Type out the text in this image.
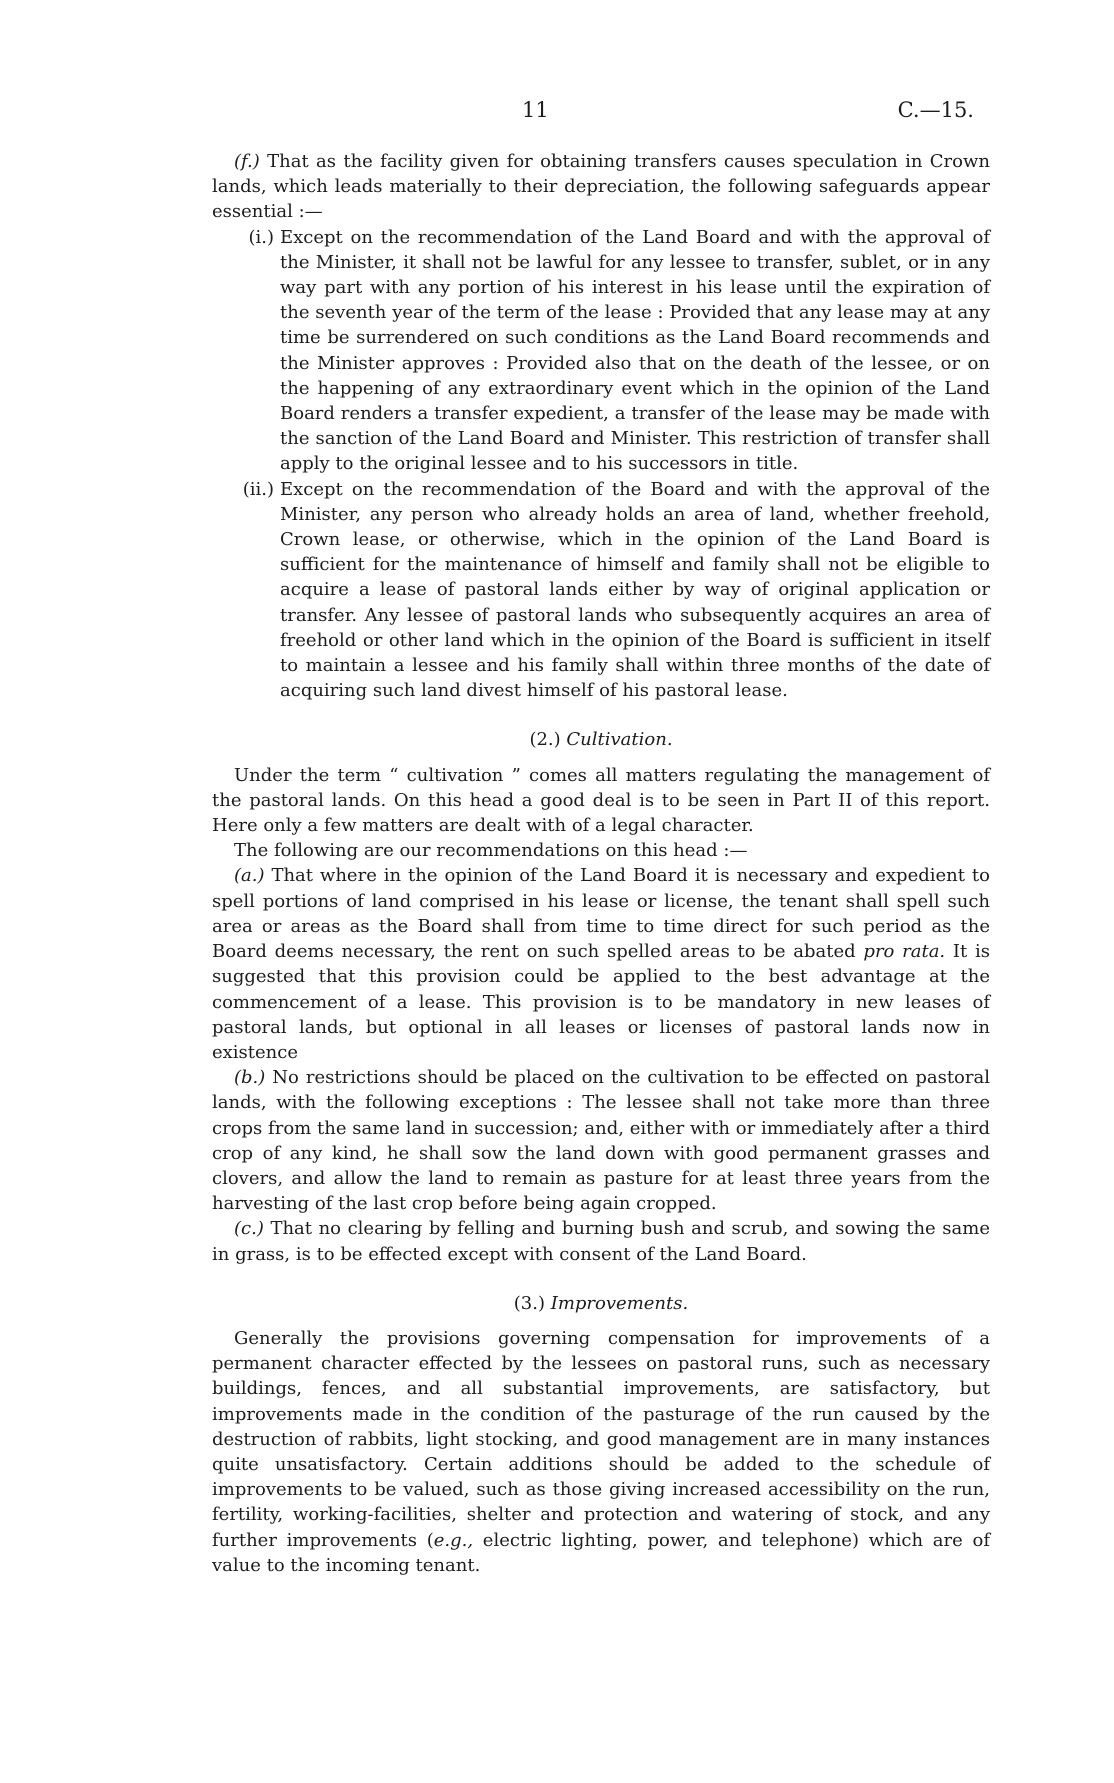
11	C.—15.

(f.) That as the facility given for obtaining transfers causes speculation in Crown lands, which leads materially to their depreciation, the following safeguards appear essential :—

(i.) Except on the recommendation of the Land Board and with the approval of the Minister, it shall not be lawful for any lessee to transfer, sublet, or in any way part with any portion of his interest in his lease until the expiration of the seventh year of the term of the lease : Provided that any lease may at any time be surrendered on such conditions as the Land Board recommends and the Minister approves : Provided also that on the death of the lessee, or on the happening of any extraordinary event which in the opinion of the Land Board renders a transfer expedient, a transfer of the lease may be made with the sanction of the Land Board and Minister. This restriction of transfer shall apply to the original lessee and to his successors in title.

(ii.) Except on the recommendation of the Board and with the approval of the Minister, any person who already holds an area of land, whether freehold, Crown lease, or otherwise, which in the opinion of the Land Board is sufficient for the maintenance of himself and family shall not be eligible to acquire a lease of pastoral lands either by way of original application or transfer. Any lessee of pastoral lands who subsequently acquires an area of freehold or other land which in the opinion of the Board is sufficient in itself to maintain a lessee and his family shall within three months of the date of acquiring such land divest himself of his pastoral lease.

(2.) Cultivation.

Under the term “ cultivation ” comes all matters regulating the management of the pastoral lands. On this head a good deal is to be seen in Part II of this report. Here only a few matters are dealt with of a legal character.

The following are our recommendations on this head :—

(a.) That where in the opinion of the Land Board it is necessary and expedient to spell portions of land comprised in his lease or license, the tenant shall spell such area or areas as the Board shall from time to time direct for such period as the Board deems necessary, the rent on such spelled areas to be abated pro rata. It is suggested that this provision could be applied to the best advantage at the commencement of a lease. This provision is to be mandatory in new leases of pastoral lands, but optional in all leases or licenses of pastoral lands now in existence

(b.) No restrictions should be placed on the cultivation to be effected on pastoral lands, with the following exceptions : The lessee shall not take more than three crops from the same land in succession; and, either with or immediately after a third crop of any kind, he shall sow the land down with good permanent grasses and clovers, and allow the land to remain as pasture for at least three years from the harvesting of the last crop before being again cropped.

(c.) That no clearing by felling and burning bush and scrub, and sowing the same in grass, is to be effected except with consent of the Land Board.

(3.) Improvements.

Generally the provisions governing compensation for improvements of a permanent character effected by the lessees on pastoral runs, such as necessary buildings, fences, and all substantial improvements, are satisfactory, but improvements made in the condition of the pasturage of the run caused by the destruction of rabbits, light stocking, and good management are in many instances quite unsatisfactory. Certain additions should be added to the schedule of improvements to be valued, such as those giving increased accessibility on the run, fertility, working-facilities, shelter and protection and watering of stock, and any further improvements (e.g., electric lighting, power, and telephone) which are of value to the incoming tenant.
